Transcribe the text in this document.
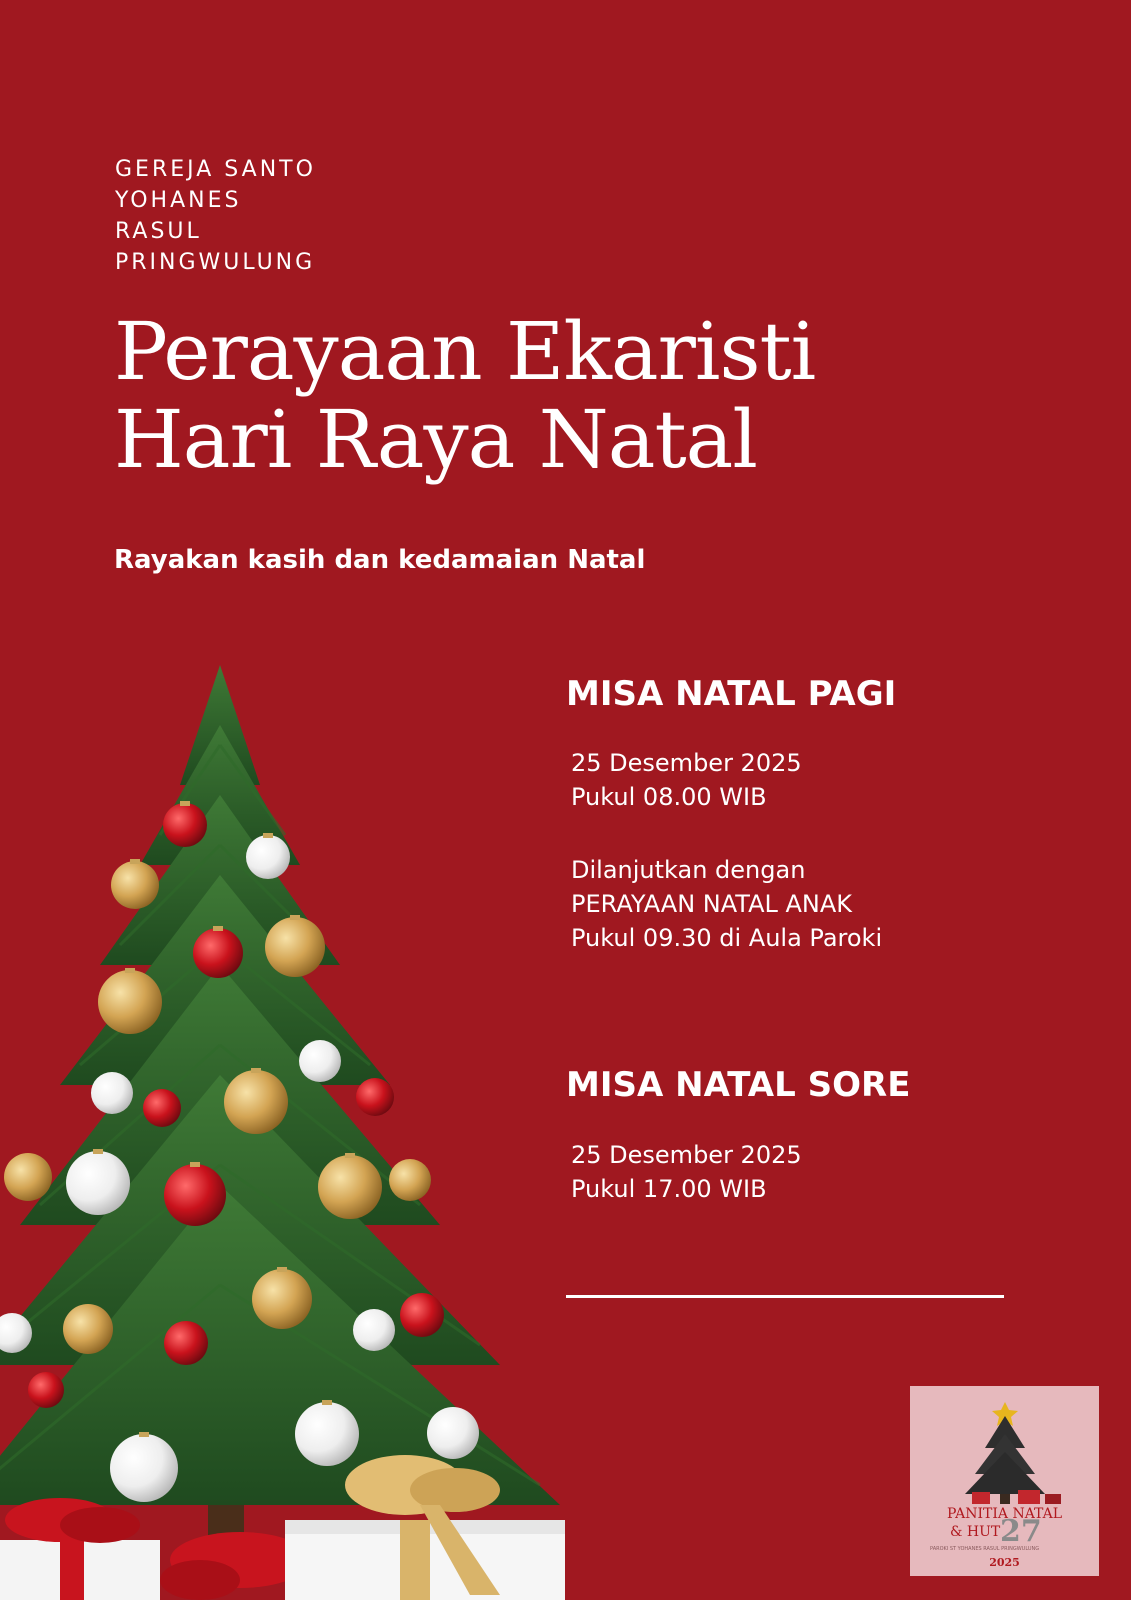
GEREJA SANTO
YOHANES
RASUL
PRINGWULUNG
Perayaan Ekaristi
Hari Raya Natal
Rayakan kasih dan kedamaian Natal
MISA NATAL PAGI
25 Desember 2025
Pukul 08.00 WIB
Dilanjutkan dengan
PERAYAAN NATAL ANAK
Pukul 09.30 di Aula Paroki
MISA NATAL SORE
25 Desember 2025
Pukul 17.00 WIB
PANITIA NATAL
& HUT 27
PAROKI ST YOHANES RASUL PRINGWULUNG
2025
